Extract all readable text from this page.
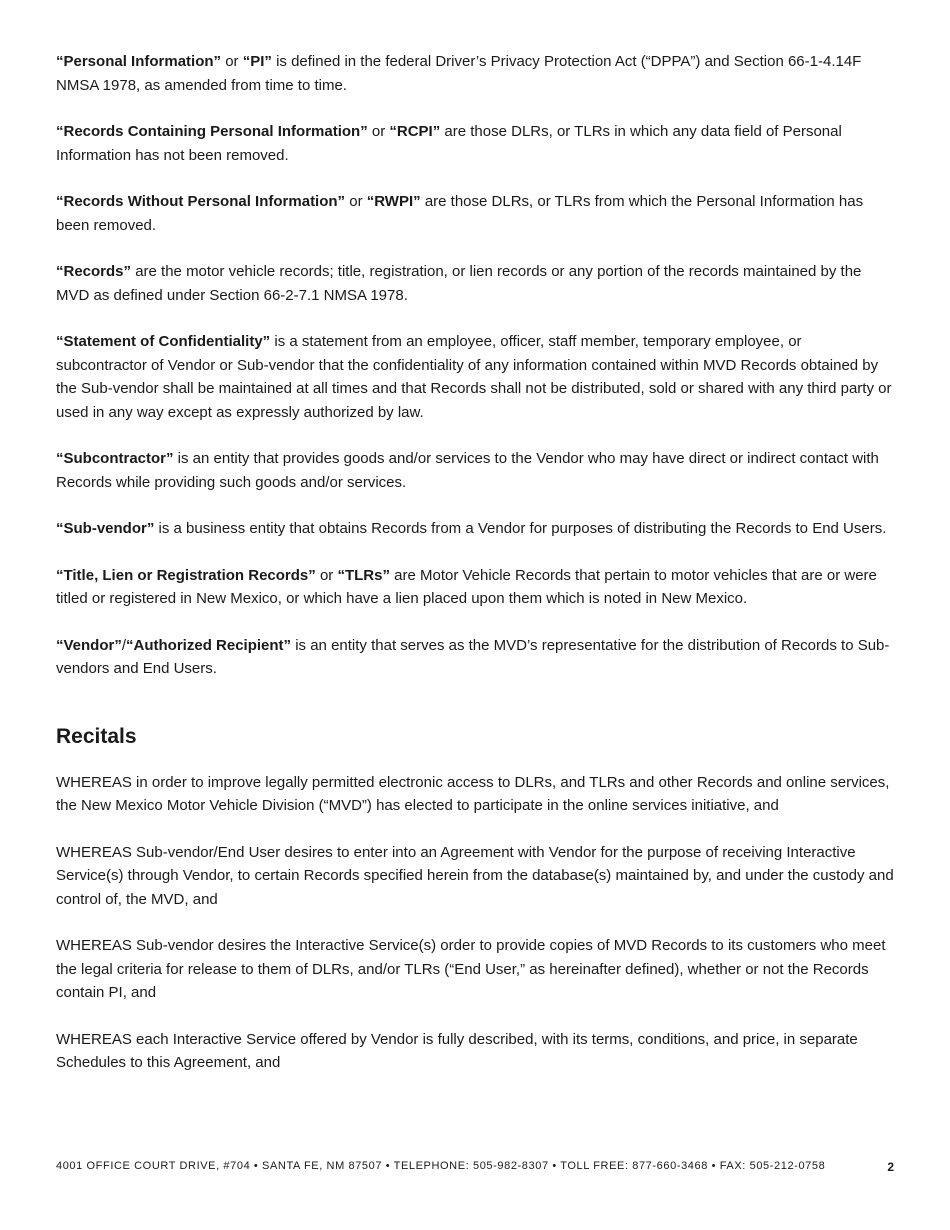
“Personal Information” or “PI” is defined in the federal Driver’s Privacy Protection Act (“DPPA”) and Section 66-1-4.14F NMSA 1978, as amended from time to time.

“Records Containing Personal Information” or “RCPI” are those DLRs, or TLRs in which any data field of Personal Information has not been removed.

“Records Without Personal Information” or “RWPI” are those DLRs, or TLRs from which the Personal Information has been removed.

“Records” are the motor vehicle records; title, registration, or lien records or any portion of the records maintained by the MVD as defined under Section 66-2-7.1 NMSA 1978.

“Statement of Confidentiality” is a statement from an employee, officer, staff member, temporary employee, or subcontractor of Vendor or Sub-vendor that the confidentiality of any information contained within MVD Records obtained by the Sub-vendor shall be maintained at all times and that Records shall not be distributed, sold or shared with any third party or used in any way except as expressly authorized by law.

“Subcontractor” is an entity that provides goods and/or services to the Vendor who may have direct or indirect contact with Records while providing such goods and/or services.

“Sub-vendor” is a business entity that obtains Records from a Vendor for purposes of distributing the Records to End Users.

“Title, Lien or Registration Records” or “TLRs” are Motor Vehicle Records that pertain to motor vehicles that are or were titled or registered in New Mexico, or which have a lien placed upon them which is noted in New Mexico.

“Vendor”/“Authorized Recipient” is an entity that serves as the MVD’s representative for the distribution of Records to Sub-vendors and End Users.

Recitals

WHEREAS in order to improve legally permitted electronic access to DLRs, and TLRs and other Records and online services, the New Mexico Motor Vehicle Division (“MVD”) has elected to participate in the online services initiative, and

WHEREAS Sub-vendor/End User desires to enter into an Agreement with Vendor for the purpose of receiving Interactive Service(s) through Vendor, to certain Records specified herein from the database(s) maintained by, and under the custody and control of, the MVD, and

WHEREAS Sub-vendor desires the Interactive Service(s) order to provide copies of MVD Records to its customers who meet the legal criteria for release to them of DLRs, and/or TLRs (“End User,” as hereinafter defined), whether or not the Records contain PI, and

WHEREAS each Interactive Service offered by Vendor is fully described, with its terms, conditions, and price, in separate Schedules to this Agreement, and

4001 OFFICE COURT DRIVE, #704 • SANTA FE, NM 87507 • TELEPHONE: 505-982-8307 • TOLL FREE: 877-660-3468 • FAX: 505-212-0758	2
